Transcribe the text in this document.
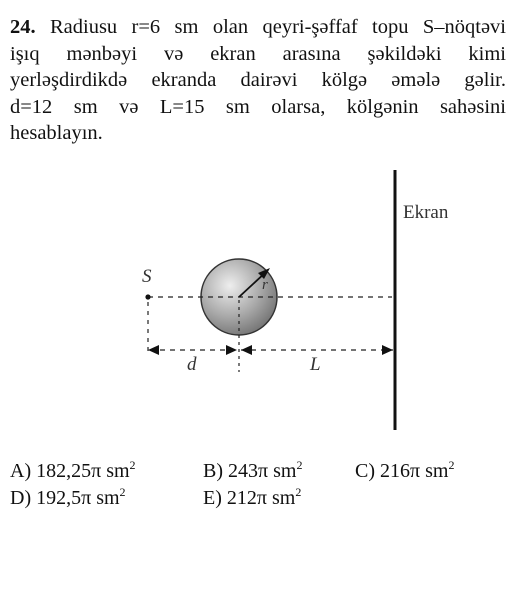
24. Radiusu r=6 sm olan qeyri-şəffaf topu S–nöqtəvi
işıq mənbəyi və ekran arasına şəkildəki kimi
yerləşdirdikdə ekranda dairəvi kölgə əmələ gəlir.
d=12 sm və L=15 sm olarsa, kölgənin sahəsini
hesablayın.
Ekran
r
S
d	L
A) 182,25π $sm^2$	B) 243π $sm^2$	C) 216π $sm^2$
D) 192,5π $sm^2$	E) 212π $sm^2$
